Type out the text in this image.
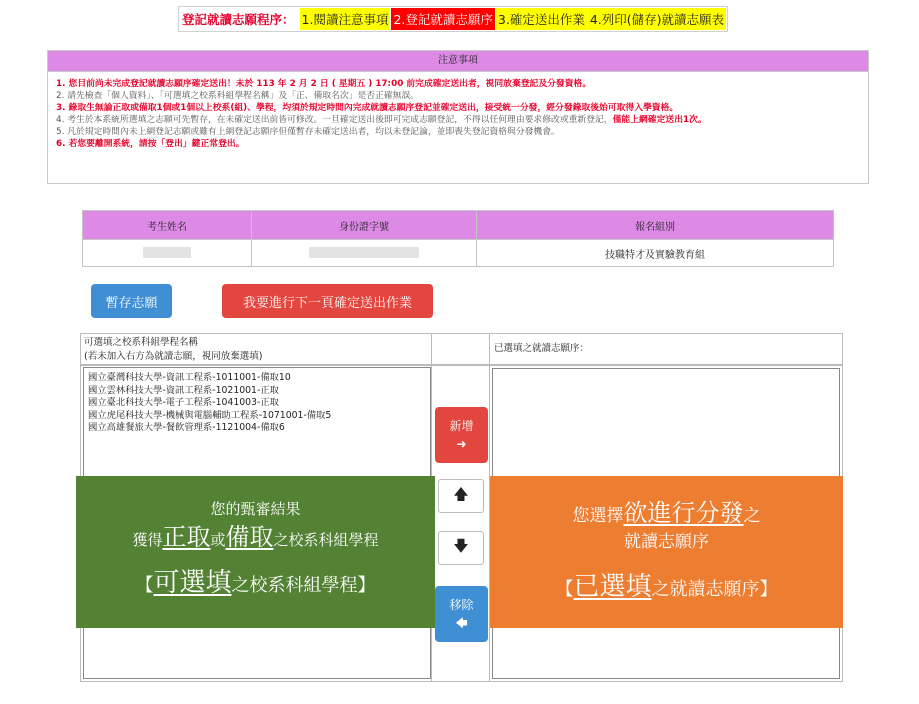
登記就讀志願程序： 1.閱讀注意事項 2.登記就讀志願序 3.確定送出作業 4.列印(儲存)就讀志願表
注意事項
1. 您目前尚未完成登記就讀志願序確定送出！未於 113 年 2 月 2 日 ( 星期五 ) 17:00 前完成確定送出者，視同放棄登記及分發資格。
2. 請先檢查「個人資料」、「可選填之校系科組學程名稱」及「正、備取名次」是否正確無誤。
3. 錄取生無論正取或備取1個或1個以上校系(組)、學程，均須於規定時間內完成就讀志願序登記並確定送出，接受統一分發，經分發錄取後始可取得入學資格。
4. 考生於本系統所選填之志願可先暫存，在未確定送出前皆可修改。一旦確定送出後即可完成志願登記，不得以任何理由要求修改或重新登記，僅能上網確定送出1次。
5. 凡於規定時間內未上網登記志願或雖有上網登記志願序但僅暫存未確定送出者，均以未登記論，並即喪失登記資格與分發機會。
6. 若您要離開系統，請按「登出」鍵正常登出。
考生姓名	身份證字號	報名組別
		技職特才及實驗教育組
暫存志願	我要進行下一頁確定送出作業
可選填之校系科組學程名稱
(若未加入右方為就讀志願，視同放棄選填)
已選填之就讀志願序：
國立臺灣科技大學-資訊工程系-1011001-備取10
國立雲林科技大學-資訊工程系-1021001-正取
國立臺北科技大學-電子工程系-1041003-正取
國立虎尾科技大學-機械與電腦輔助工程系-1071001-備取5
國立高雄餐旅大學-餐飲管理系-1121004-備取6	新增
➜
🡅
🡇
移除
🡄
您的甄審結果
獲得正取或備取之校系科組學程
【可選填之校系科組學程】
您選擇欲進行分發之
就讀志願序
【已選填之就讀志願序】
